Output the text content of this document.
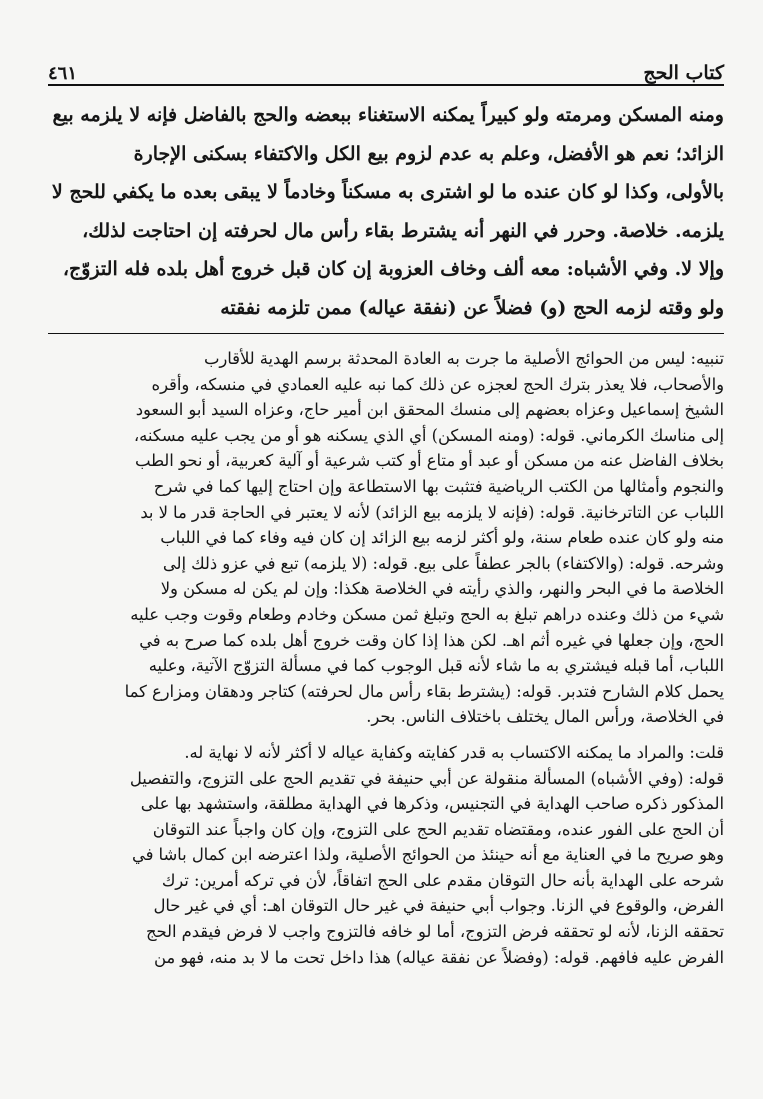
كتاب الحج
٤٦١
ومنه المسكن ومرمته ولو كبيراً يمكنه الاستغناء ببعضه والحج بالفاضل فإنه لا يلزمه بيع
الزائد؛ نعم هو الأفضل، وعلم به عدم لزوم بيع الكل والاكتفاء بسكنى الإجارة
بالأولى، وكذا لو كان عنده ما لو اشترى به مسكناً وخادماً لا يبقى بعده ما يكفي للحج لا
يلزمه. خلاصة. وحرر في النهر أنه يشترط بقاء رأس مال لحرفته إن احتاجت لذلك،
وإلا لا. وفي الأشباه: معه ألف وخاف العزوبة إن كان قبل خروج أهل بلده فله التزوّج،
ولو وقته لزمه الحج (و) فضلاً عن (نفقة عياله) ممن تلزمه نفقته
تنبيه: ليس من الحوائج الأصلية ما جرت به العادة المحدثة برسم الهدية للأقارب
والأصحاب، فلا يعذر بترك الحج لعجزه عن ذلك كما نبه عليه العمادي في منسكه، وأقره
الشيخ إسماعيل وعزاه بعضهم إلى منسك المحقق ابن أمير حاج، وعزاه السيد أبو السعود
إلى مناسك الكرماني. قوله: (ومنه المسكن) أي الذي يسكنه هو أو من يجب عليه مسكنه،
بخلاف الفاضل عنه من مسكن أو عبد أو متاع أو كتب شرعية أو آلية كعربية، أو نحو الطب
والنجوم وأمثالها من الكتب الرياضية فتثبت بها الاستطاعة وإن احتاج إليها كما في شرح
اللباب عن التاترخانية. قوله: (فإنه لا يلزمه بيع الزائد) لأنه لا يعتبر في الحاجة قدر ما لا بد
منه ولو كان عنده طعام سنة، ولو أكثر لزمه بيع الزائد إن كان فيه وفاء كما في اللباب
وشرحه. قوله: (والاكتفاء) بالجر عطفاً على بيع. قوله: (لا يلزمه) تبع في عزو ذلك إلى
الخلاصة ما في البحر والنهر، والذي رأيته في الخلاصة هكذا: وإن لم يكن له مسكن ولا
شيء من ذلك وعنده دراهم تبلغ به الحج وتبلغ ثمن مسكن وخادم وطعام وقوت وجب عليه
الحج، وإن جعلها في غيره أثم اهـ. لكن هذا إذا كان وقت خروج أهل بلده كما صرح به في
اللباب، أما قبله فيشتري به ما شاء لأنه قبل الوجوب كما في مسألة التزوّج الآتية، وعليه
يحمل كلام الشارح فتدبر. قوله: (يشترط بقاء رأس مال لحرفته) كتاجر ودهقان ومزارع كما
في الخلاصة، ورأس المال يختلف باختلاف الناس. بحر.
قلت: والمراد ما يمكنه الاكتساب به قدر كفايته وكفاية عياله لا أكثر لأنه لا نهاية له.
قوله: (وفي الأشباه) المسألة منقولة عن أبي حنيفة في تقديم الحج على التزوج، والتفصيل
المذكور ذكره صاحب الهداية في التجنيس، وذكرها في الهداية مطلقة، واستشهد بها على
أن الحج على الفور عنده، ومقتضاه تقديم الحج على التزوج، وإن كان واجباً عند التوقان
وهو صريح ما في العناية مع أنه حينئذ من الحوائج الأصلية، ولذا اعترضه ابن كمال باشا في
شرحه على الهداية بأنه حال التوقان مقدم على الحج اتفاقاً، لأن في تركه أمرين: ترك
الفرض، والوقوع في الزنا. وجواب أبي حنيفة في غير حال التوقان اهـ: أي في غير حال
تحققه الزنا، لأنه لو تحققه فرض التزوج، أما لو خافه فالتزوج واجب لا فرض فيقدم الحج
الفرض عليه فافهم. قوله: (وفضلاً عن نفقة عياله) هذا داخل تحت ما لا بد منه، فهو من
